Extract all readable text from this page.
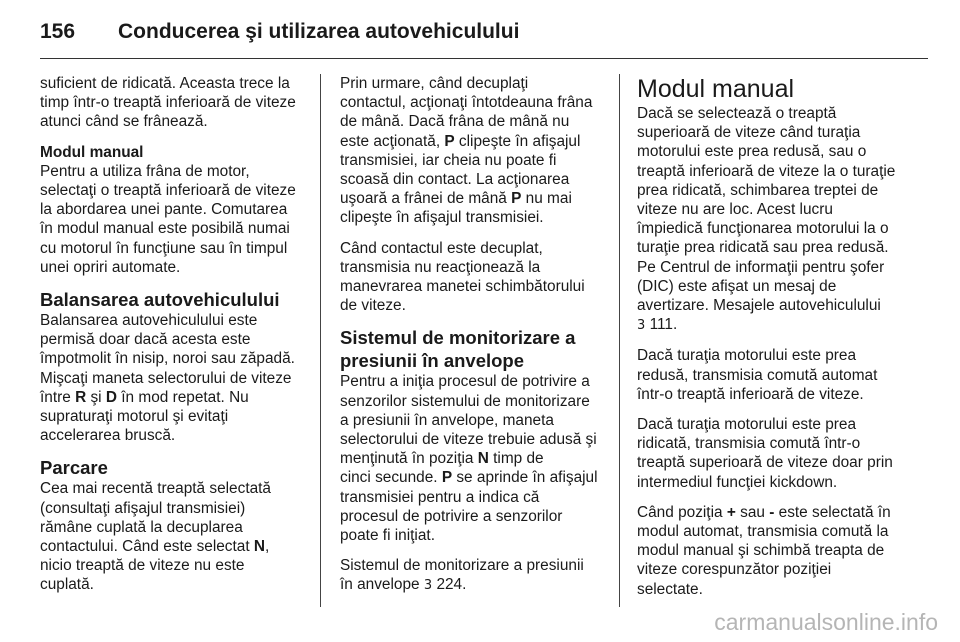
156	Conducerea şi utilizarea autovehiculului
suficient de ridicată. Aceasta trece la
timp într-o treaptă inferioară de viteze
atunci când se frânează.
Modul manual
Pentru a utiliza frâna de motor,
selectaţi o treaptă inferioară de viteze
la abordarea unei pante. Comutarea
în modul manual este posibilă numai
cu motorul în funcţiune sau în timpul
unei opriri automate.
Balansarea autovehiculului
Balansarea autovehiculului este
permisă doar dacă acesta este
împotmolit în nisip, noroi sau zăpadă.
Mişcaţi maneta selectorului de viteze
între R şi D în mod repetat. Nu
supraturaţi motorul şi evitaţi
accelerarea bruscă.
Parcare
Cea mai recentă treaptă selectată
(consultaţi afişajul transmisiei)
rămâne cuplată la decuplarea
contactului. Când este selectat N,
nicio treaptă de viteze nu este
cuplată.
Prin urmare, când decuplaţi
contactul, acţionaţi întotdeauna frâna
de mână. Dacă frâna de mână nu
este acţionată, P clipeşte în afişajul
transmisiei, iar cheia nu poate fi
scoasă din contact. La acţionarea
uşoară a frânei de mână P nu mai
clipeşte în afişajul transmisiei.
Când contactul este decuplat,
transmisia nu reacţionează la
manevrarea manetei schimbătorului
de viteze.
Sistemul de monitorizare a
presiunii în anvelope
Pentru a iniţia procesul de potrivire a
senzorilor sistemului de monitorizare
a presiunii în anvelope, maneta
selectorului de viteze trebuie adusă şi
menţinută în poziţia N timp de
cinci secunde. P se aprinde în afişajul
transmisiei pentru a indica că
procesul de potrivire a senzorilor
poate fi iniţiat.
Sistemul de monitorizare a presiunii
în anvelope 3 224.
Modul manual
Dacă se selectează o treaptă
superioară de viteze când turaţia
motorului este prea redusă, sau o
treaptă inferioară de viteze la o turaţie
prea ridicată, schimbarea treptei de
viteze nu are loc. Acest lucru
împiedică funcţionarea motorului la o
turaţie prea ridicată sau prea redusă.
Pe Centrul de informaţii pentru şofer
(DIC) este afişat un mesaj de
avertizare. Mesajele autovehiculului
3 111.
Dacă turaţia motorului este prea
redusă, transmisia comută automat
într-o treaptă inferioară de viteze.
Dacă turaţia motorului este prea
ridicată, transmisia comută într-o
treaptă superioară de viteze doar prin
intermediul funcţiei kickdown.
Când poziţia + sau - este selectată în
modul automat, transmisia comută la
modul manual şi schimbă treapta de
viteze corespunzător poziţiei
selectate.
carmanualsonline.info
